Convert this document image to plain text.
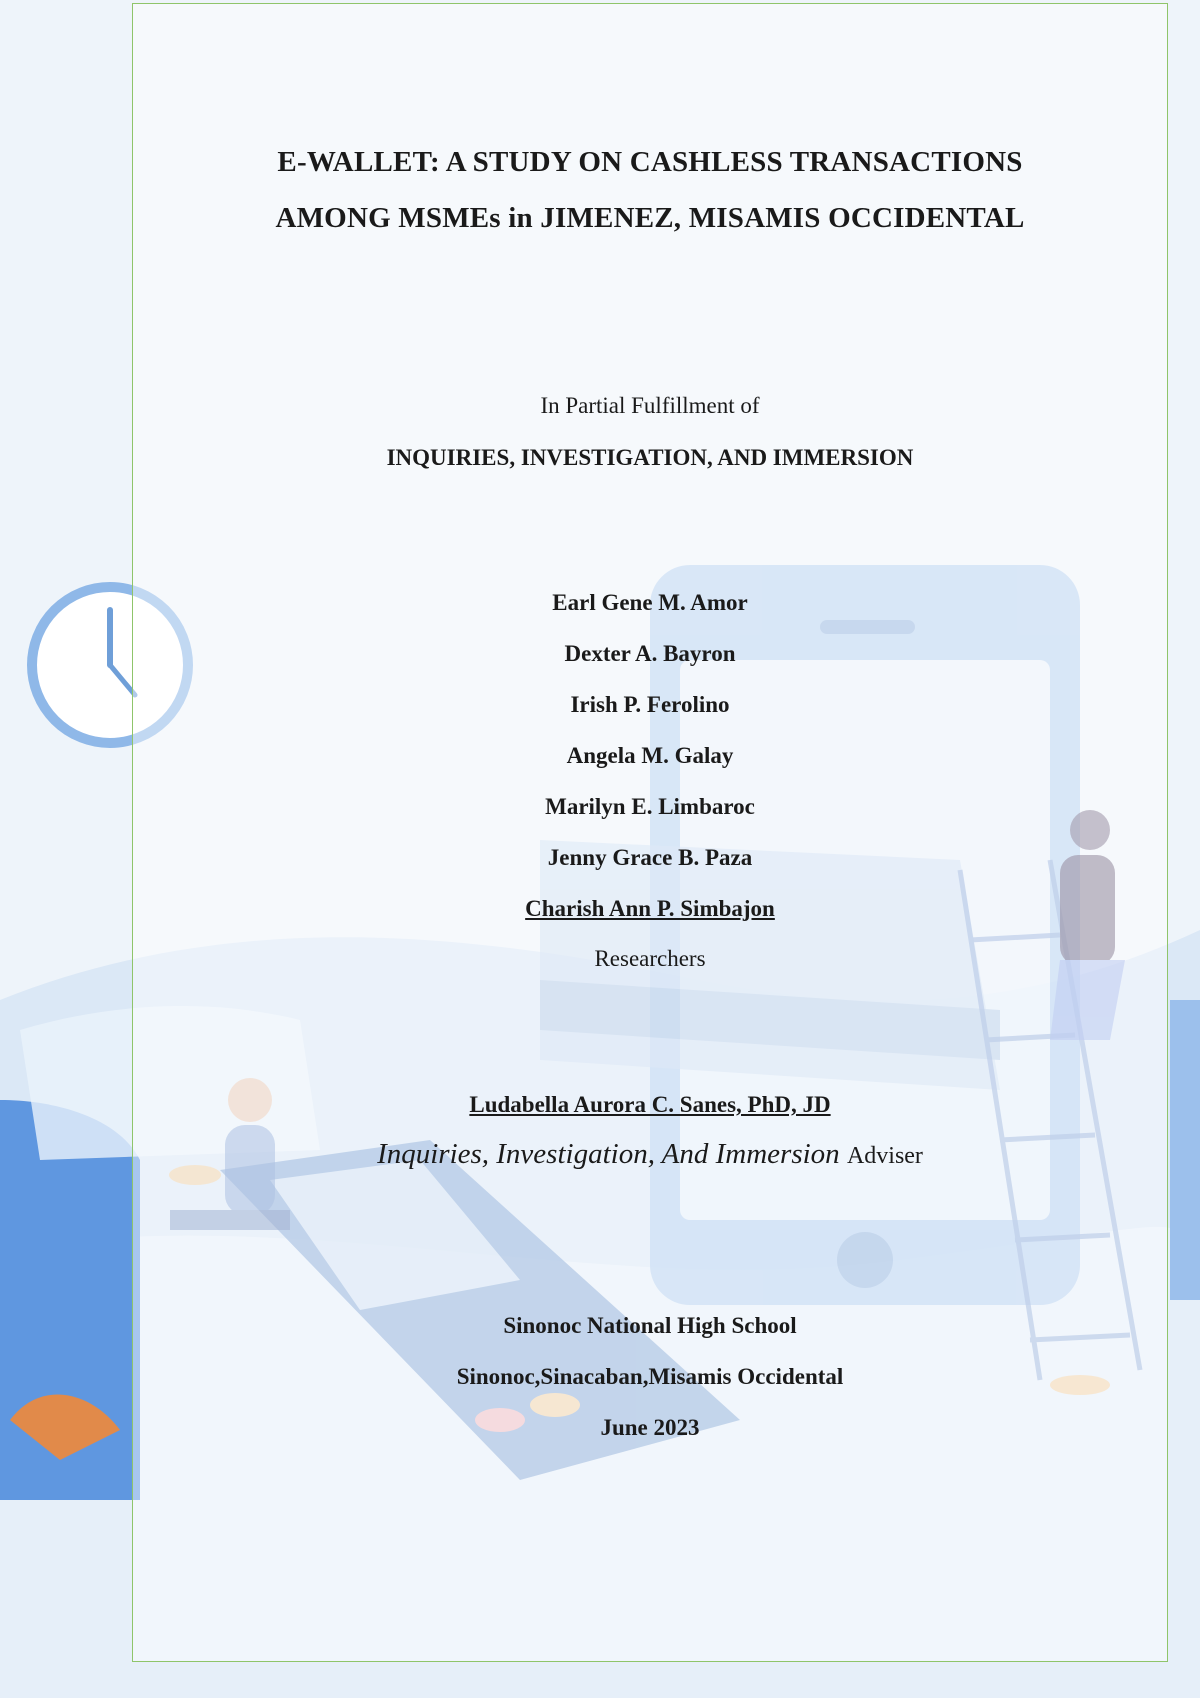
E-WALLET: A STUDY ON CASHLESS TRANSACTIONS
AMONG MSMEs in JIMENEZ, MISAMIS OCCIDENTAL
In Partial Fulfillment of
INQUIRIES, INVESTIGATION, AND IMMERSION
Earl Gene M. Amor
Dexter A. Bayron
Irish P. Ferolino
Angela M. Galay
Marilyn E. Limbaroc
Jenny Grace B. Paza
Charish Ann P. Simbajon
Researchers
Ludabella Aurora C. Sanes, PhD, JD
Inquiries, Investigation, And Immersion Adviser
Sinonoc National High School
Sinonoc,Sinacaban,Misamis Occidental
June 2023
